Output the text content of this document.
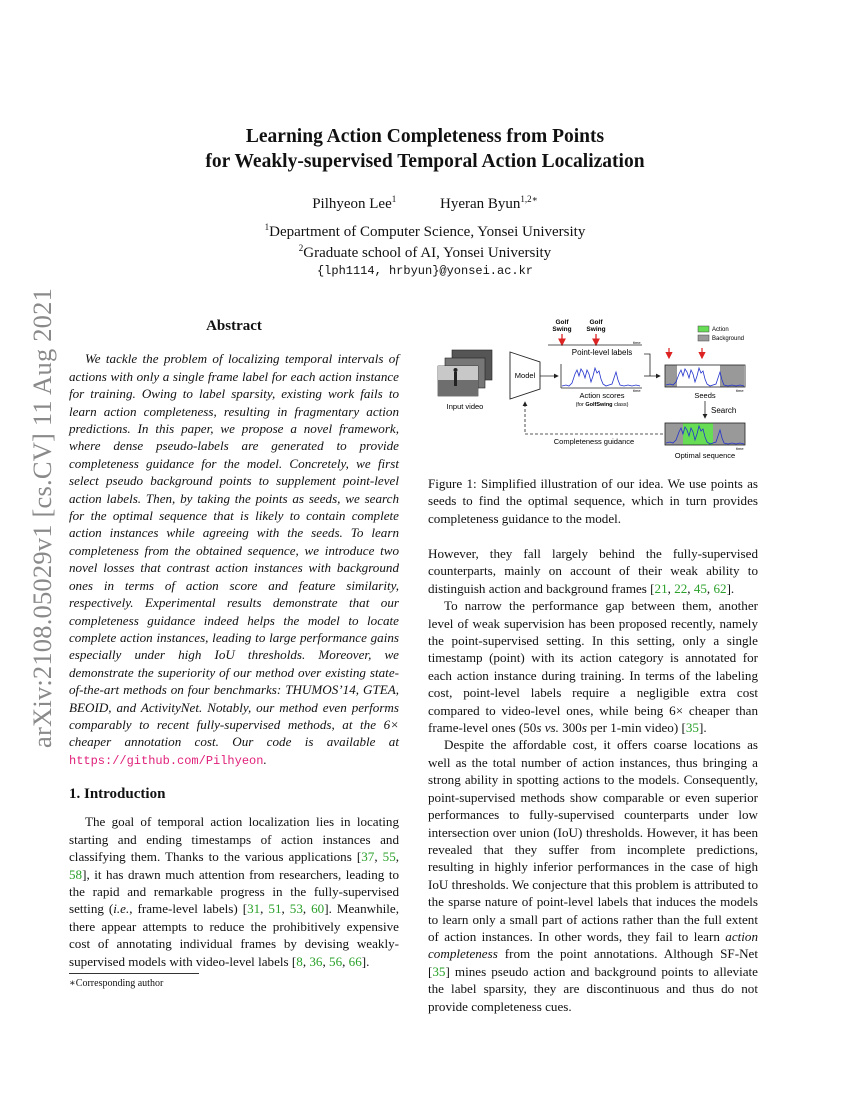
Learning Action Completeness from Points
for Weakly-supervised Temporal Action Localization
Pilhyeon Lee$^1$	Hyeran Byun$^{1,2∗}$
$^1$Department of Computer Science, Yonsei University
$^2$Graduate school of AI, Yonsei University
{lph1114, hrbyun}@yonsei.ac.kr
arXiv:2108.05029v1 [cs.CV] 11 Aug 2021	Abstract

We tackle the problem of localizing temporal intervals of actions with only a single frame label for each action instance for training. Owing to label sparsity, existing work fails to learn action completeness, resulting in fragmentary action predictions. In this paper, we propose a novel framework, where dense pseudo-labels are generated to provide completeness guidance for the model. Concretely, we first select pseudo background points to supplement point-level action labels. Then, by taking the points as seeds, we search for the optimal sequence that is likely to contain complete action instances while agreeing with the seeds. To learn completeness from the obtained sequence, we introduce two novel losses that contrast action instances with background ones in terms of action score and feature similarity, respectively. Experimental results demonstrate that our completeness guidance indeed helps the model to locate complete action instances, leading to large performance gains especially under high IoU thresholds. Moreover, we demonstrate the superiority of our method over existing state-of-the-art methods on four benchmarks: THUMOS’14, GTEA, BEOID, and ActivityNet. Notably, our method even performs comparably to recent fully-supervised methods, at the 6× cheaper annotation cost. Our code is available at https://github.com/Pilhyeon.

1. Introduction

The goal of temporal action localization lies in locating starting and ending timestamps of action instances and classifying them. Thanks to the various applications [37, 55, 58], it has drawn much attention from researchers, leading to the rapid and remarkable progress in the fully-supervised setting (i.e., frame-level labels) [31, 51, 53, 60]. Meanwhile, there appear attempts to reduce the prohibitively expensive cost of annotating individual frames by devising weakly-supervised models with video-level labels [8, 36, 56, 66].

∗Corresponding author
Golf
Swing
Golf
Swing
time
Point-level labels
Action
Background
Input video
Model
time
Action scores
(for GolfSwing class)
time
Seeds
Search
time
Optimal sequence
Completeness guidance
Figure 1: Simplified illustration of our idea. We use points as seeds to find the optimal sequence, which in turn provides completeness guidance to the model.

However, they fall largely behind the fully-supervised counterparts, mainly on account of their weak ability to distinguish action and background frames [21, 22, 45, 62].

To narrow the performance gap between them, another level of weak supervision has been proposed recently, namely the point-supervised setting. In this setting, only a single timestamp (point) with its action category is annotated for each action instance during training. In terms of the labeling cost, point-level labels require a negligible extra cost compared to video-level ones, while being 6× cheaper than frame-level ones (50s vs. 300s per 1-min video) [35].

Despite the affordable cost, it offers coarse locations as well as the total number of action instances, thus bringing a strong ability in spotting actions to the models. Consequently, point-supervised methods show comparable or even superior performances to fully-supervised counterparts under low intersection over union (IoU) thresholds. However, it has been revealed that they suffer from incomplete predictions, resulting in highly inferior performances in the case of high IoU thresholds. We conjecture that this problem is attributed to the sparse nature of point-level labels that induces the models to learn only a small part of actions rather than the full extent of action instances. In other words, they fail to learn action completeness from the point annotations. Although SF-Net [35] mines pseudo action and background points to alleviate the label sparsity, they are discontinuous and thus do not provide completeness cues.
